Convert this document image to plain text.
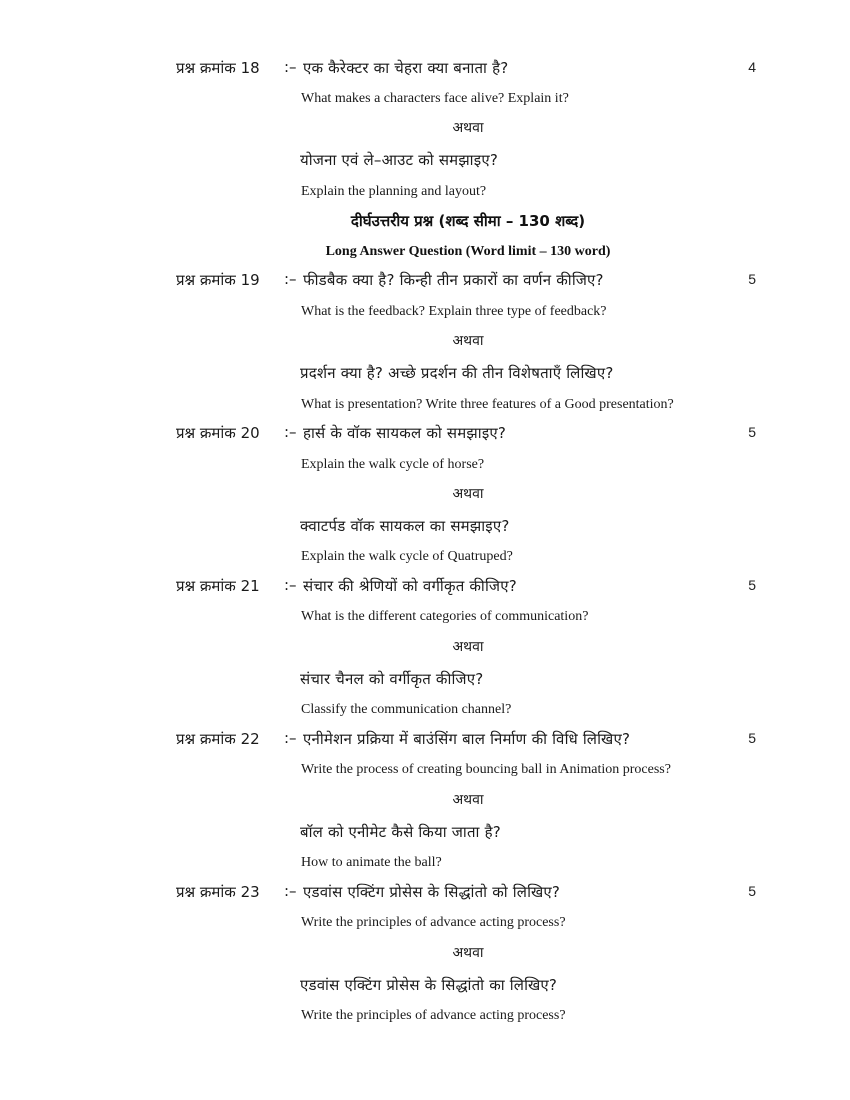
प्रश्न क्रमांक 18 :– एक कैरेक्टर का चेहरा क्या बनाता है?	4
What makes a characters face alive? Explain it?
अथवा
योजना एवं ले–आउट को समझाइए?
Explain the planning and layout?
दीर्घउत्तरीय प्रश्न (शब्द सीमा – 130 शब्द)
Long Answer Question (Word limit – 130 word)
प्रश्न क्रमांक 19 :– फीडबैक क्या है? किन्ही तीन प्रकारों का वर्णन कीजिए?	5
What is the feedback? Explain three type of feedback?
अथवा
प्रदर्शन क्या है? अच्छे प्रदर्शन की तीन विशेषताएँ लिखिए?
What is presentation? Write three features of a Good presentation?
प्रश्न क्रमांक 20 :– हार्स के वॉक सायकल को समझाइए?	5
Explain the walk cycle of horse?
अथवा
क्वाटर्पड वॉक सायकल का समझाइए?
Explain the walk cycle of Quatruped?
प्रश्न क्रमांक 21 :– संचार की श्रेणियों को वर्गीकृत कीजिए?	5
What is the different categories of communication?
अथवा
संचार चैनल को वर्गीकृत कीजिए?
Classify the communication channel?
प्रश्न क्रमांक 22 :– एनीमेशन प्रक्रिया में बाउंसिंग बाल निर्माण की विधि लिखिए?	5
Write the process of creating bouncing ball in Animation process?
अथवा
बॉल को एनीमेट कैसे किया जाता है?
How to animate the ball?
प्रश्न क्रमांक 23 :– एडवांस एक्टिंग प्रोसेस के सिद्धांतो को लिखिए?	5
Write the principles of advance acting process?
अथवा
एडवांस एक्टिंग प्रोसेस के सिद्धांतो का लिखिए?
Write the principles of advance acting process?
